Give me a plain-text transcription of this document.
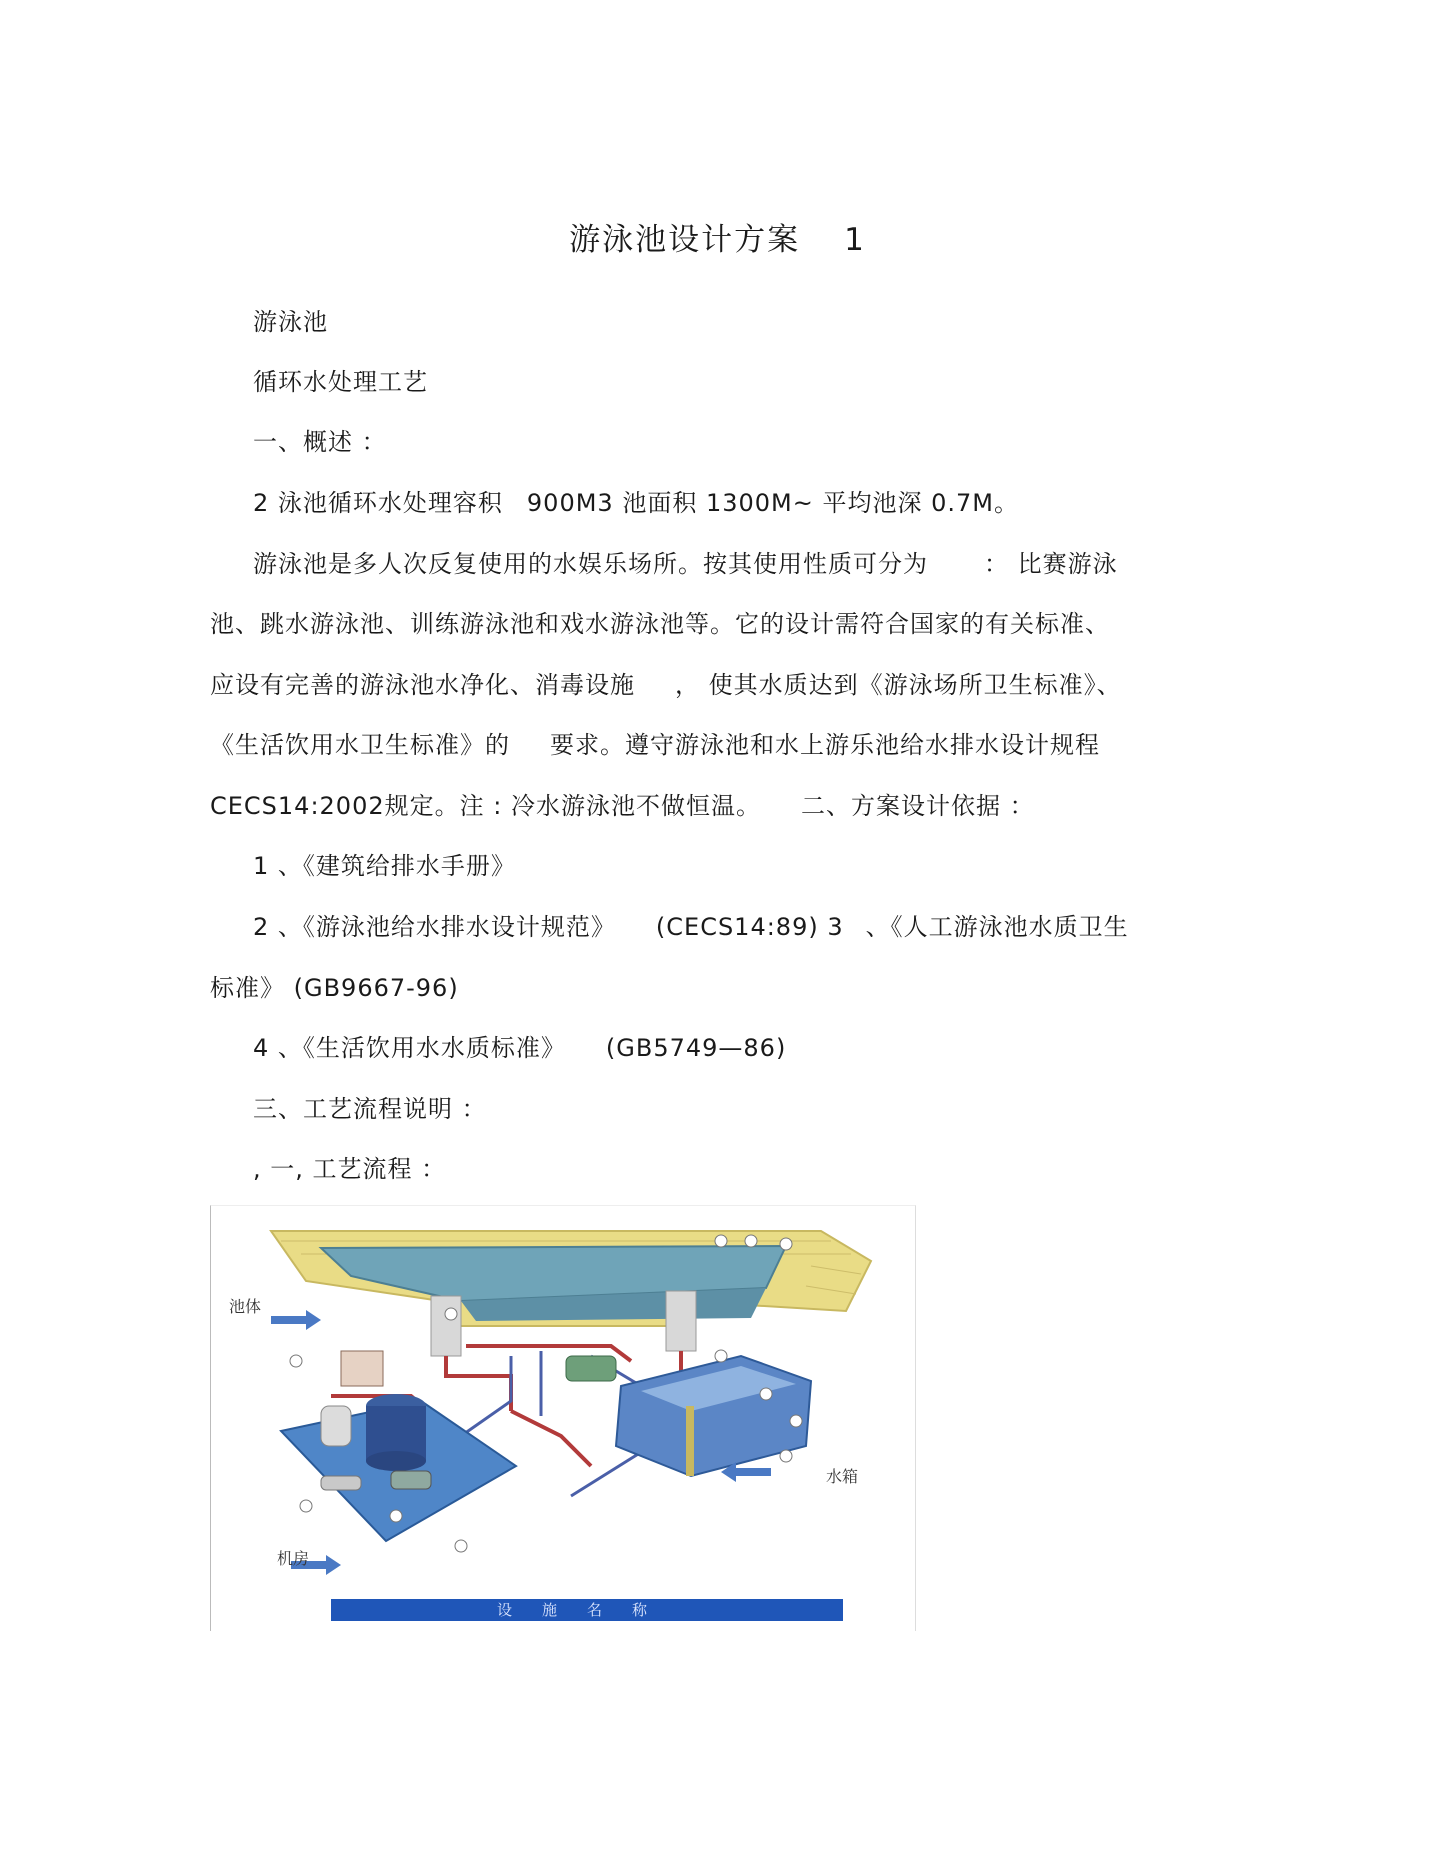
游泳池设计方案 1
游泳池
循环水处理工艺
一、概述 ：
2 泳池循环水处理容积 900M3 池面积 1300M~ 平均池深 0.7M。
游泳池是多人次反复使用的水娱乐场所。按其使用性质可分为 ： 比赛游泳
池、跳水游泳池、训练游泳池和戏水游泳池等。它的设计需符合国家的有关标准、
应设有完善的游泳池水净化、消毒设施 ， 使其水质达到《游泳场所卫生标准》、
《生活饮用水卫生标准》的 要求。遵守游泳池和水上游乐池给水排水设计规程
CECS14:2002规定。注 : 冷水游泳池不做恒温。 二、方案设计依据 ：
1 、《建筑给排水手册》
2 、《游泳池给水排水设计规范》 (CECS14:89) 3 、《人工游泳池水质卫生
标准》 (GB9667-96)
4 、《生活饮用水水质标准》 (GB5749—86)
三、工艺流程说明 ：
, 一, 工艺流程 ：
池体
水箱
机房
设施名称
